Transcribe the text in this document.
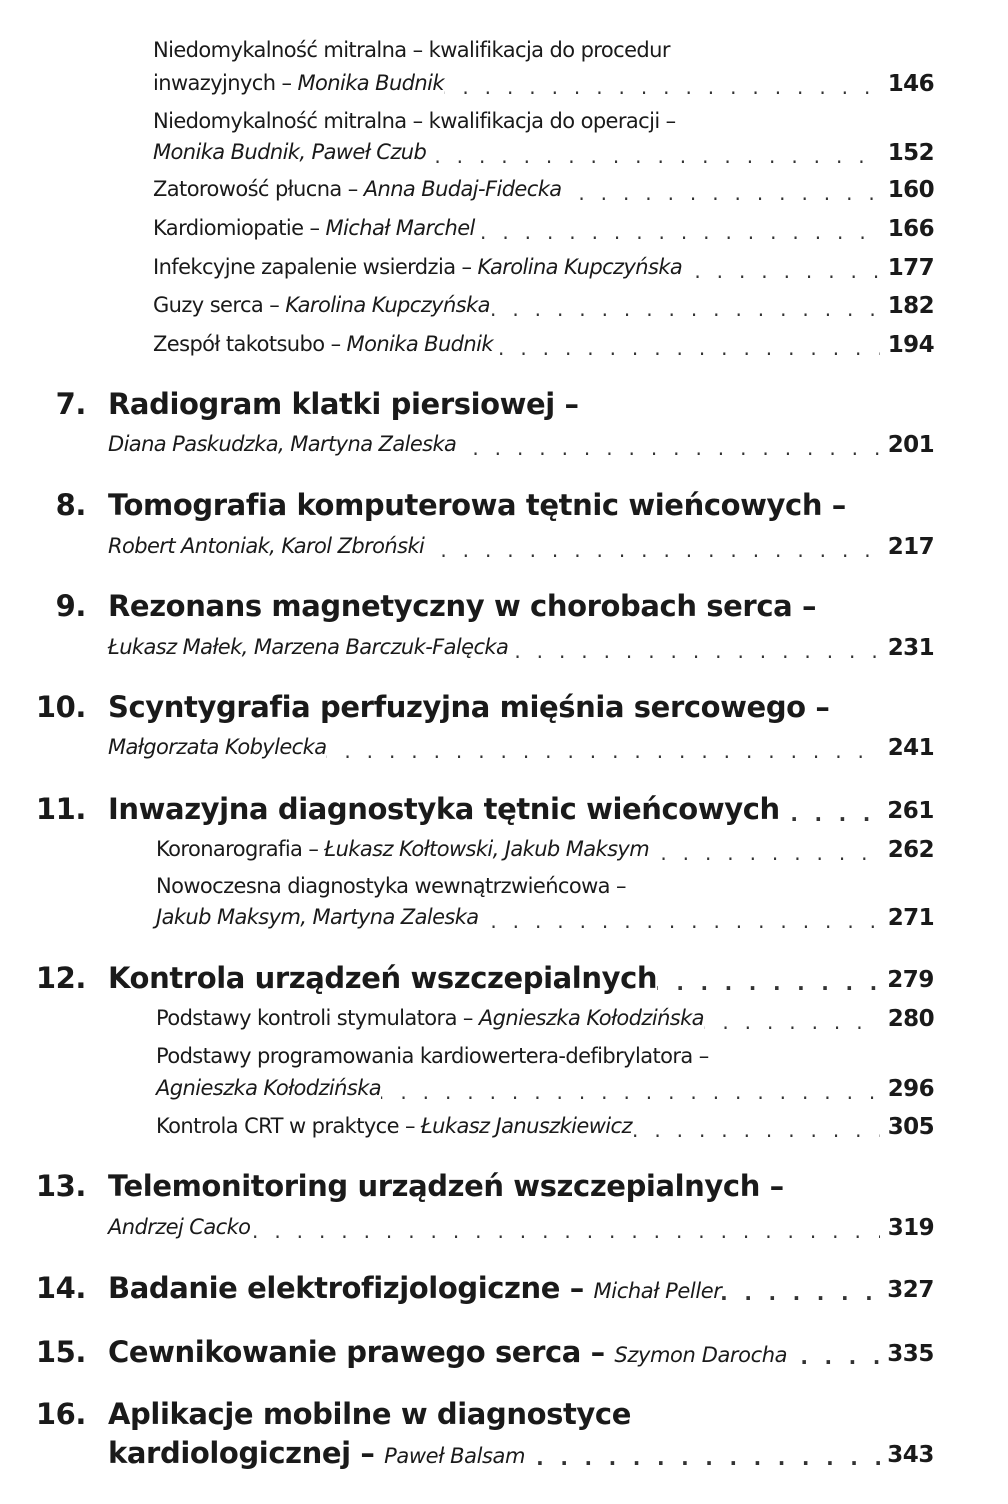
Niedomykalność mitralna – kwalifikacja do procedur
. . .
inwazyjnych – Monika Budnik	146
Niedomykalność mitralna – kwalifikacja do operacji –
. . .
Monika Budnik, Paweł Czub	152
. . .
Zatorowość płucna – Anna Budaj-Fidecka	160
. . .
Kardiomiopatie – Michał Marchel	166
. . .
Infekcyjne zapalenie wsierdzia – Karolina Kupczyńska	177
. . .
Guzy serca – Karolina Kupczyńska	182
. . .
Zespół takotsubo – Monika Budnik	194
7. Radiogram klatki piersiowej –
. . .
Diana Paskudzka, Martyna Zaleska	201
8. Tomografia komputerowa tętnic wieńcowych –
. . .
Robert Antoniak, Karol Zbroński	217
9. Rezonans magnetyczny w chorobach serca –
. . .
Łukasz Małek, Marzena Barczuk-Falęcka	231
10. Scyntygrafia perfuzyjna mięśnia sercowego –
. . .
Małgorzata Kobylecka	241
. . .
11. Inwazyjna diagnostyka tętnic wieńcowych	261
. . .
Koronarografia – Łukasz Kołtowski, Jakub Maksym	262
Nowoczesna diagnostyka wewnątrzwieńcowa –
. . .
Jakub Maksym, Martyna Zaleska	271
. . .
12. Kontrola urządzeń wszczepialnych	279
. . .
Podstawy kontroli stymulatora – Agnieszka Kołodzińska	280
Podstawy programowania kardiowertera-defibrylatora –
. . .
Agnieszka Kołodzińska	296
. . .
Kontrola CRT w praktyce – Łukasz Januszkiewicz	305
13. Telemonitoring urządzeń wszczepialnych –
. . .
Andrzej Cacko	319
. . .
14. Badanie elektrofizjologiczne – Michał Peller	327
. . .
15. Cewnikowanie prawego serca – Szymon Darocha	335
16. Aplikacje mobilne w diagnostyce
. . .
kardiologicznej – Paweł Balsam	343
